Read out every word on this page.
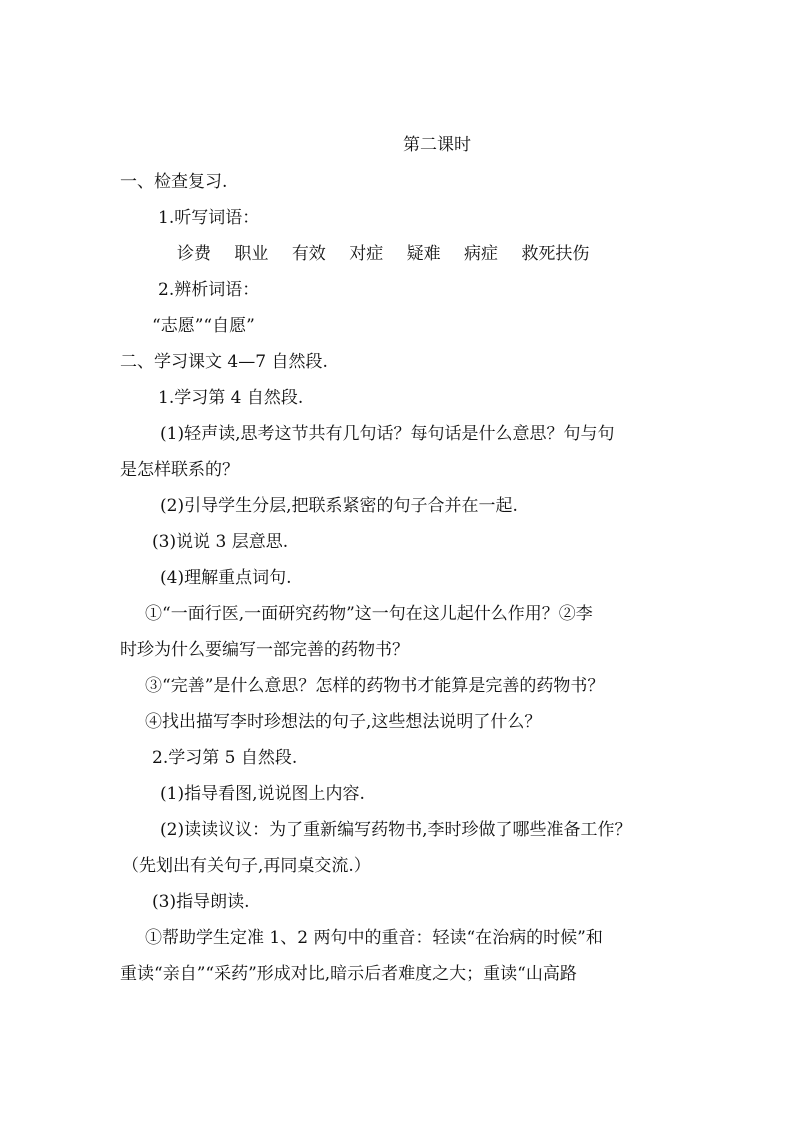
第二课时
一、检查复习.
1.听写词语：
诊费 职业 有效 对症 疑难 病症 救死扶伤
2.辨析词语：
“志愿”“自愿”
二、学习课文 4—7 自然段.
1.学习第 4 自然段.
(1)轻声读,思考这节共有几句话？每句话是什么意思？句与句
是怎样联系的？
(2)引导学生分层,把联系紧密的句子合并在一起.
(3)说说 3 层意思.
(4)理解重点词句.
①“一面行医,一面研究药物”这一句在这儿起什么作用？②李
时珍为什么要编写一部完善的药物书？
③“完善”是什么意思？怎样的药物书才能算是完善的药物书？
④找出描写李时珍想法的句子,这些想法说明了什么？
2.学习第 5 自然段.
(1)指导看图,说说图上内容.
(2)读读议议：为了重新编写药物书,李时珍做了哪些准备工作？
（先划出有关句子,再同桌交流.）
(3)指导朗读.
①帮助学生定准 1、2 两句中的重音：轻读“在治病的时候”和
重读“亲自”“采药”形成对比,暗示后者难度之大；重读“山高路
